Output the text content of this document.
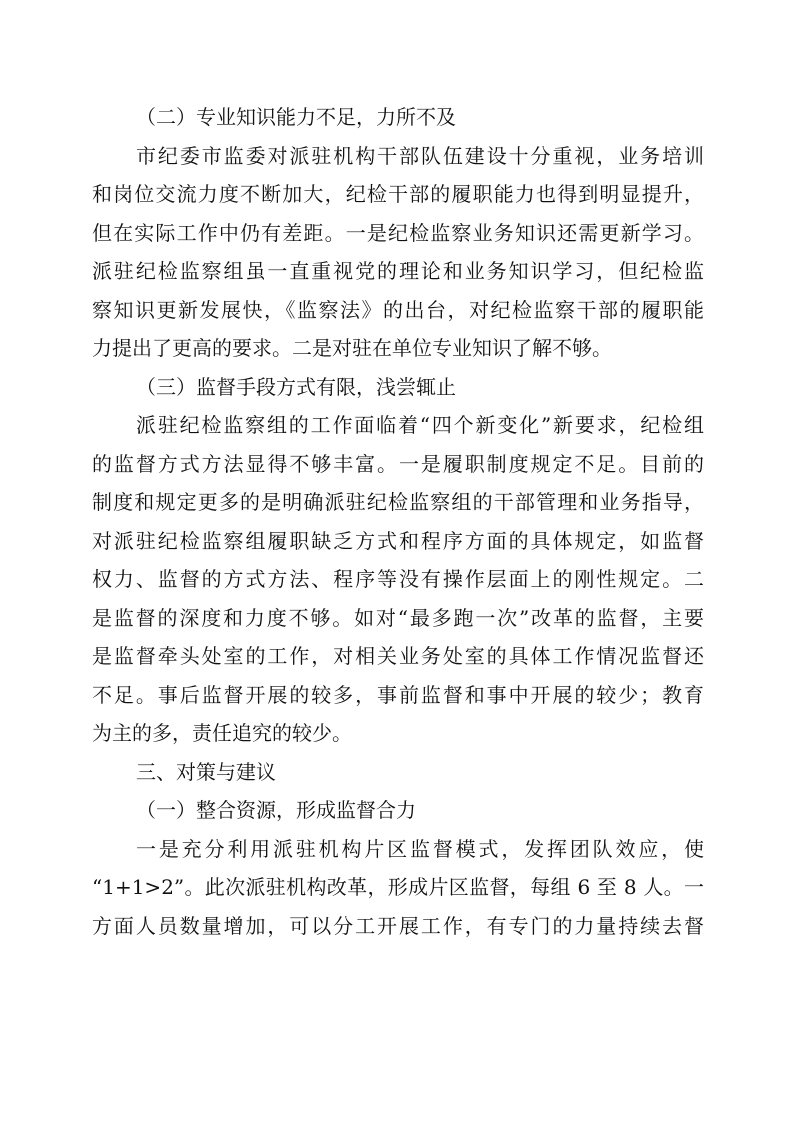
（二）专业知识能力不足，力所不及
市纪委市监委对派驻机构干部队伍建设十分重视，业务培训
和岗位交流力度不断加大，纪检干部的履职能力也得到明显提升，
但在实际工作中仍有差距。一是纪检监察业务知识还需更新学习。
派驻纪检监察组虽一直重视党的理论和业务知识学习，但纪检监
察知识更新发展快，《监察法》的出台，对纪检监察干部的履职能
力提出了更高的要求。二是对驻在单位专业知识了解不够。
（三）监督手段方式有限，浅尝辄止
派驻纪检监察组的工作面临着“四个新变化”新要求，纪检组
的监督方式方法显得不够丰富。一是履职制度规定不足。目前的
制度和规定更多的是明确派驻纪检监察组的干部管理和业务指导，
对派驻纪检监察组履职缺乏方式和程序方面的具体规定，如监督
权力、监督的方式方法、程序等没有操作层面上的刚性规定。二
是监督的深度和力度不够。如对“最多跑一次”改革的监督，主要
是监督牵头处室的工作，对相关业务处室的具体工作情况监督还
不足。事后监督开展的较多，事前监督和事中开展的较少；教育
为主的多，责任追究的较少。
三、对策与建议
（一）整合资源，形成监督合力
一是充分利用派驻机构片区监督模式，发挥团队效应，使
“1+1>2”。此次派驻机构改革，形成片区监督，每组 6 至 8 人。一
方面人员数量增加，可以分工开展工作，有专门的力量持续去督
